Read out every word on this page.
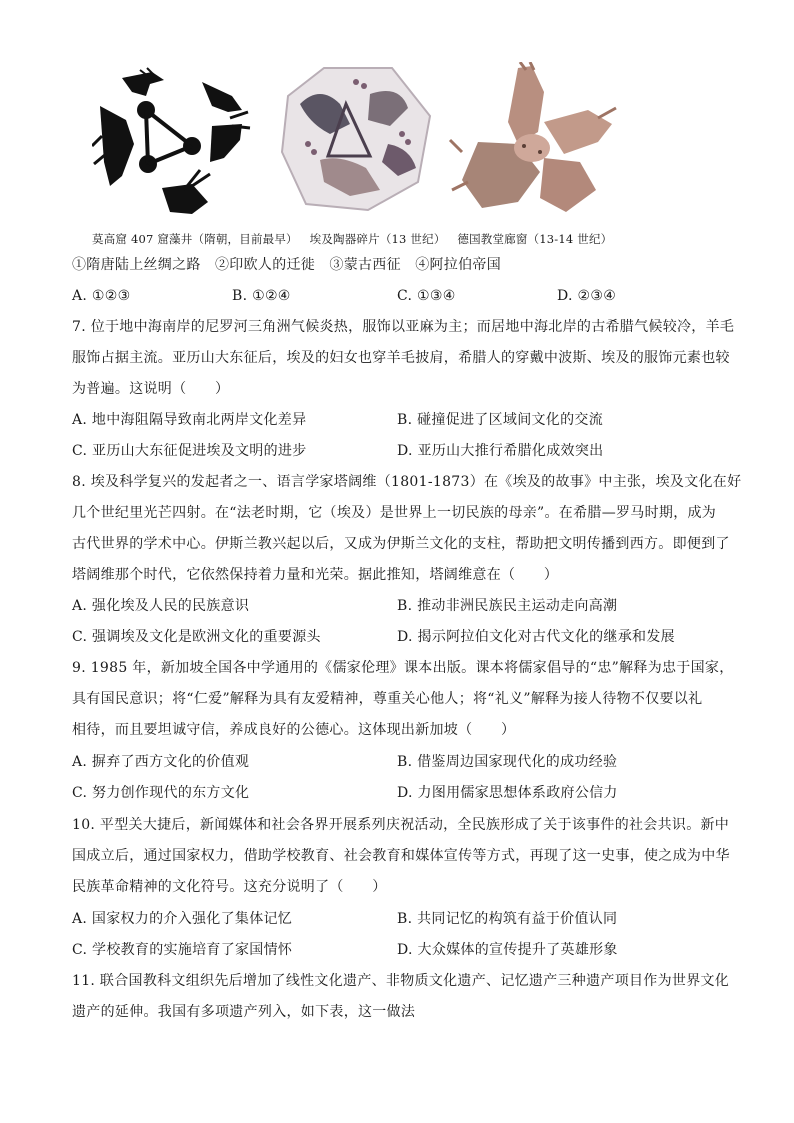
莫高窟 407 窟藻井（隋朝，目前最早） 埃及陶器碎片（13 世纪） 德国教堂廊窗（13-14 世纪）
①隋唐陆上丝绸之路　②印欧人的迁徙　③蒙古西征　④阿拉伯帝国
A. ①②③	B. ①②④	C. ①③④	D. ②③④
7. 位于地中海南岸的尼罗河三角洲气候炎热，服饰以亚麻为主；而居地中海北岸的古希腊气候较冷，羊毛
服饰占据主流。亚历山大东征后，埃及的妇女也穿羊毛披肩，希腊人的穿戴中波斯、埃及的服饰元素也较
为普遍。这说明（　　）
A. 地中海阻隔导致南北两岸文化差异	B. 碰撞促进了区域间文化的交流
C. 亚历山大东征促进埃及文明的进步	D. 亚历山大推行希腊化成效突出
8. 埃及科学复兴的发起者之一、语言学家塔阔维（1801-1873）在《埃及的故事》中主张，埃及文化在好
几个世纪里光芒四射。在“法老时期，它（埃及）是世界上一切民族的母亲”。在希腊—罗马时期，成为
古代世界的学术中心。伊斯兰教兴起以后，又成为伊斯兰文化的支柱，帮助把文明传播到西方。即便到了
塔阔维那个时代，它依然保持着力量和光荣。据此推知，塔阔维意在（　　）
A. 强化埃及人民的民族意识	B. 推动非洲民族民主运动走向高潮
C. 强调埃及文化是欧洲文化的重要源头	D. 揭示阿拉伯文化对古代文化的继承和发展
9. 1985 年，新加坡全国各中学通用的《儒家伦理》课本出版。课本将儒家倡导的“忠”解释为忠于国家，
具有国民意识；将“仁爱”解释为具有友爱精神，尊重关心他人；将“礼义”解释为接人待物不仅要以礼
相待，而且要坦诚守信，养成良好的公德心。这体现出新加坡（　　）
A. 摒弃了西方文化的价值观	B. 借鉴周边国家现代化的成功经验
C. 努力创作现代的东方文化	D. 力图用儒家思想体系政府公信力
10. 平型关大捷后，新闻媒体和社会各界开展系列庆祝活动，全民族形成了关于该事件的社会共识。新中
国成立后，通过国家权力，借助学校教育、社会教育和媒体宣传等方式，再现了这一史事，使之成为中华
民族革命精神的文化符号。这充分说明了（　　）
A. 国家权力的介入强化了集体记忆	B. 共同记忆的构筑有益于价值认同
C. 学校教育的实施培育了家国情怀	D. 大众媒体的宣传提升了英雄形象
11. 联合国教科文组织先后增加了线性文化遗产、非物质文化遗产、记忆遗产三种遗产项目作为世界文化
遗产的延伸。我国有多项遗产列入，如下表，这一做法
